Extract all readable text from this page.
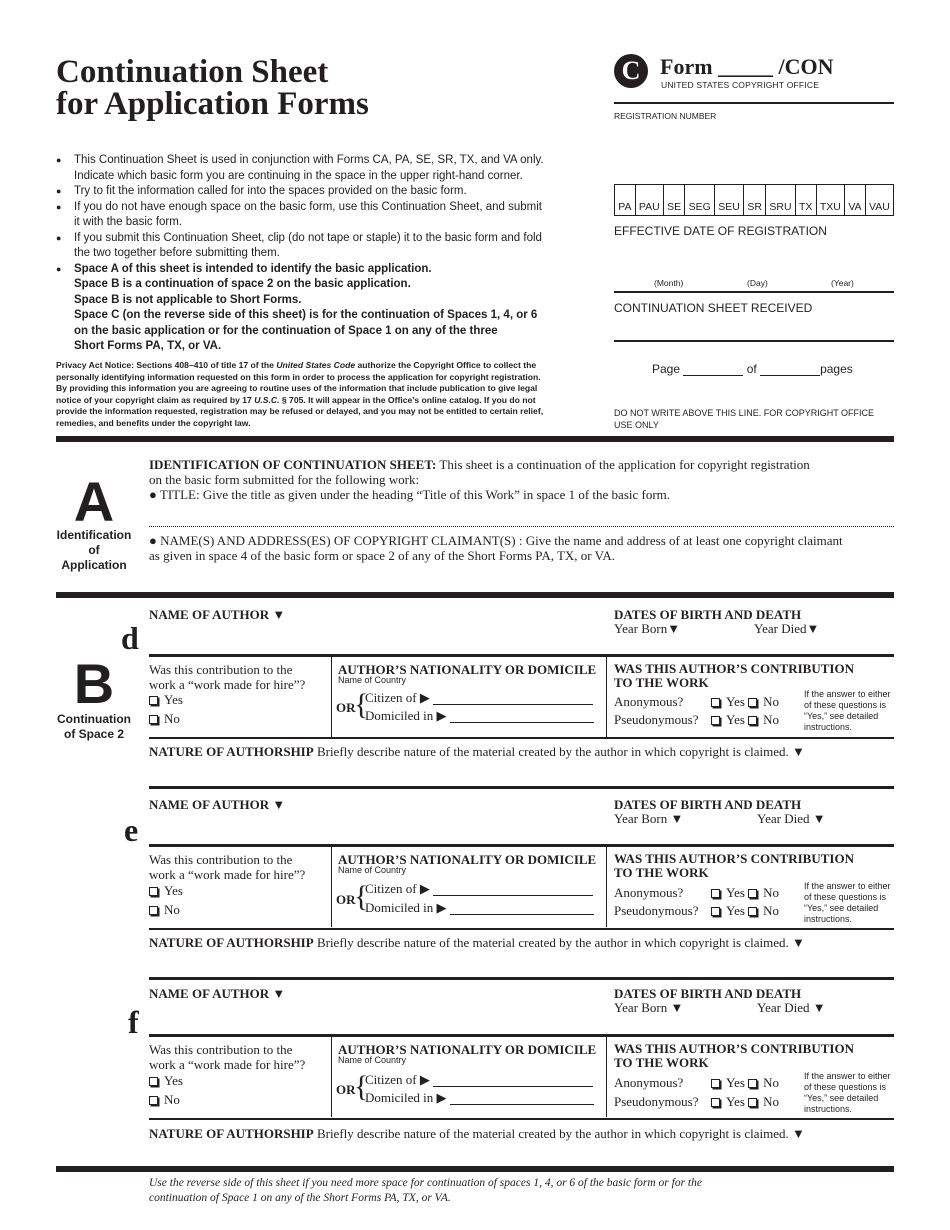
Continuation Sheet
for Application Forms
C Form _____ /CON
UNITED STATES COPYRIGHT OFFICE
REGISTRATION NUMBER
● This Continuation Sheet is used in conjunction with Forms CA, PA, SE, SR, TX, and VA only.
Indicate which basic form you are continuing in the space in the upper right-hand corner.
● Try to fit the information called for into the spaces provided on the basic form.
● If you do not have enough space on the basic form, use this Continuation Sheet, and submit
it with the basic form.
● If you submit this Continuation Sheet, clip (do not tape or staple) it to the basic form and fold
the two together before submitting them.
● Space A of this sheet is intended to identify the basic application.
Space B is a continuation of space 2 on the basic application.
Space B is not applicable to Short Forms.
Space C (on the reverse side of this sheet) is for the continuation of Spaces 1, 4, or 6
on the basic application or for the continuation of Space 1 on any of the three
Short Forms PA, TX, or VA.
Privacy Act Notice: Sections 408–410 of title 17 of the United States Code authorize the Copyright Office to collect the
personally identifying information requested on this form in order to process the application for copyright registration.
By providing this information you are agreeing to routine uses of the information that include publication to give legal
notice of your copyright claim as required by 17 U.S.C. § 705. It will appear in the Office’s online catalog. If you do not
provide the information requested, registration may be refused or delayed, and you may not be entitled to certain relief,
remedies, and benefits under the copyright law.
PA PAU SE SEG SEU SR SRU TX TXU VA VAU
EFFECTIVE DATE OF REGISTRATION
(Month)	(Day)	(Year)
CONTINUATION SHEET RECEIVED
Page	of	pages
DO NOT WRITE ABOVE THIS LINE. FOR COPYRIGHT OFFICE
USE ONLY
A
Identification
of
Application
IDENTIFICATION OF CONTINUATION SHEET: This sheet is a continuation of the application for copyright registration
on the basic form submitted for the following work:
● TITLE: Give the title as given under the heading “Title of this Work” in space 1 of the basic form.
● NAME(S) AND ADDRESS(ES) OF COPYRIGHT CLAIMANT(S) : Give the name and address of at least one copyright claimant
as given in space 4 of the basic form or space 2 of any of the Short Forms PA, TX, or VA.
B
Continuation
of Space 2
NAME OF AUTHOR ▼	DATES OF BIRTH AND DEATH
Year Born▼	Year Died▼
d
Was this contribution to the
work a “work made for hire”?
Yes
No
AUTHOR’S NATIONALITY OR DOMICILE
Name of Country
OR
{
Citizen of ▶
Domiciled in ▶
WAS THIS AUTHOR’S CONTRIBUTION
TO THE WORK
Anonymous?	Yes No
Pseudonymous?	Yes No
If the answer to either
of these questions is
“Yes,” see detailed
instructions.
NATURE OF AUTHORSHIP Briefly describe nature of the material created by the author in which copyright is claimed. ▼
NAME OF AUTHOR ▼	DATES OF BIRTH AND DEATH
Year Born ▼	Year Died ▼
e
Was this contribution to the
work a “work made for hire”?
Yes
No
AUTHOR’S NATIONALITY OR DOMICILE
Name of Country
OR
{
Citizen of ▶
Domiciled in ▶
WAS THIS AUTHOR’S CONTRIBUTION
TO THE WORK
Anonymous?	Yes No
Pseudonymous?	Yes No
If the answer to either
of these questions is
“Yes,” see detailed
instructions.
NATURE OF AUTHORSHIP Briefly describe nature of the material created by the author in which copyright is claimed. ▼
NAME OF AUTHOR ▼	DATES OF BIRTH AND DEATH
Year Born ▼	Year Died ▼
f
Was this contribution to the
work a “work made for hire”?
Yes
No
AUTHOR’S NATIONALITY OR DOMICILE
Name of Country
OR
{
Citizen of ▶
Domiciled in ▶
WAS THIS AUTHOR’S CONTRIBUTION
TO THE WORK
Anonymous?	Yes No
Pseudonymous?	Yes No
If the answer to either
of these questions is
“Yes,” see detailed
instructions.
NATURE OF AUTHORSHIP Briefly describe nature of the material created by the author in which copyright is claimed. ▼
Use the reverse side of this sheet if you need more space for continuation of spaces 1, 4, or 6 of the basic form or for the
continuation of Space 1 on any of the Short Forms PA, TX, or VA.
